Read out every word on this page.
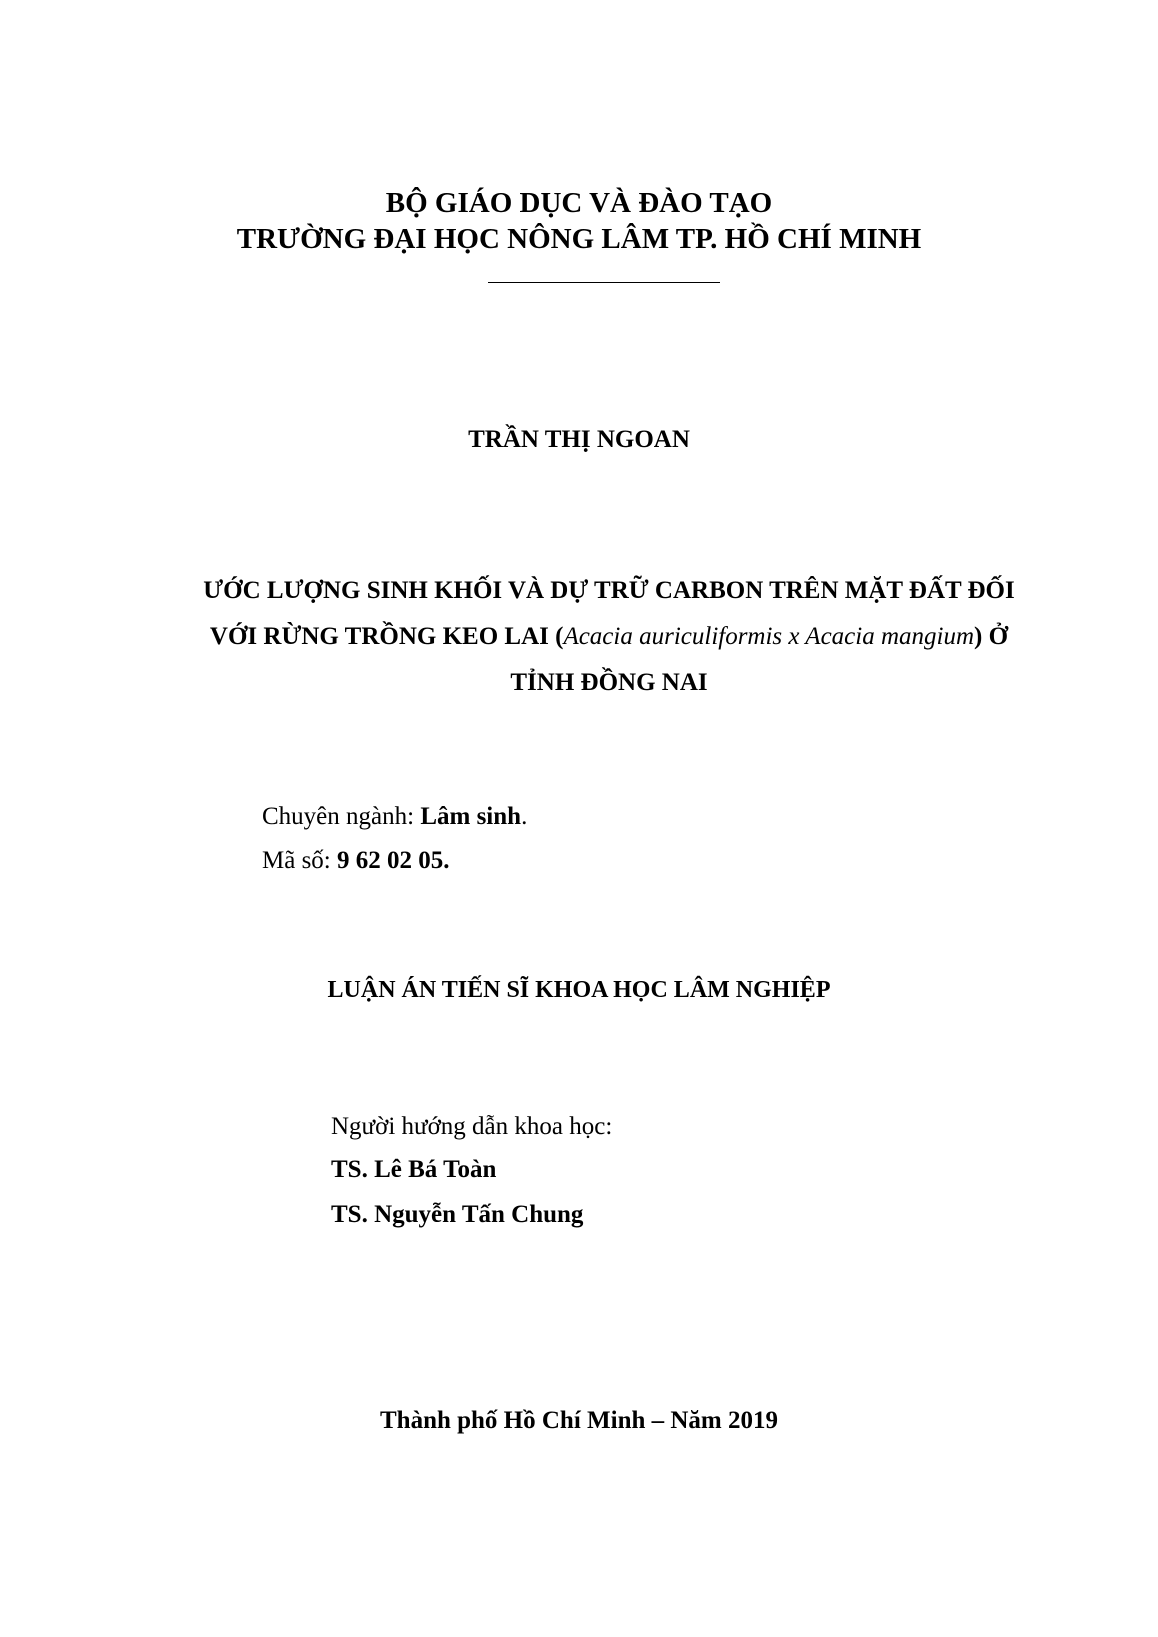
BỘ GIÁO DỤC VÀ ĐÀO TẠO
TRƯỜNG ĐẠI HỌC NÔNG LÂM TP. HỒ CHÍ MINH
TRẦN THỊ NGOAN
ƯỚC LƯỢNG SINH KHỐI VÀ DỰ TRỮ CARBON TRÊN MẶT ĐẤT ĐỐI VỚI RỪNG TRỒNG KEO LAI (Acacia auriculiformis x Acacia mangium) Ở TỈNH ĐỒNG NAI
Chuyên ngành: Lâm sinh.
Mã số: 9 62 02 05.
LUẬN ÁN TIẾN SĨ KHOA HỌC LÂM NGHIỆP
Người hướng dẫn khoa học:
TS. Lê Bá Toàn
TS. Nguyễn Tấn Chung
Thành phố Hồ Chí Minh – Năm 2019
